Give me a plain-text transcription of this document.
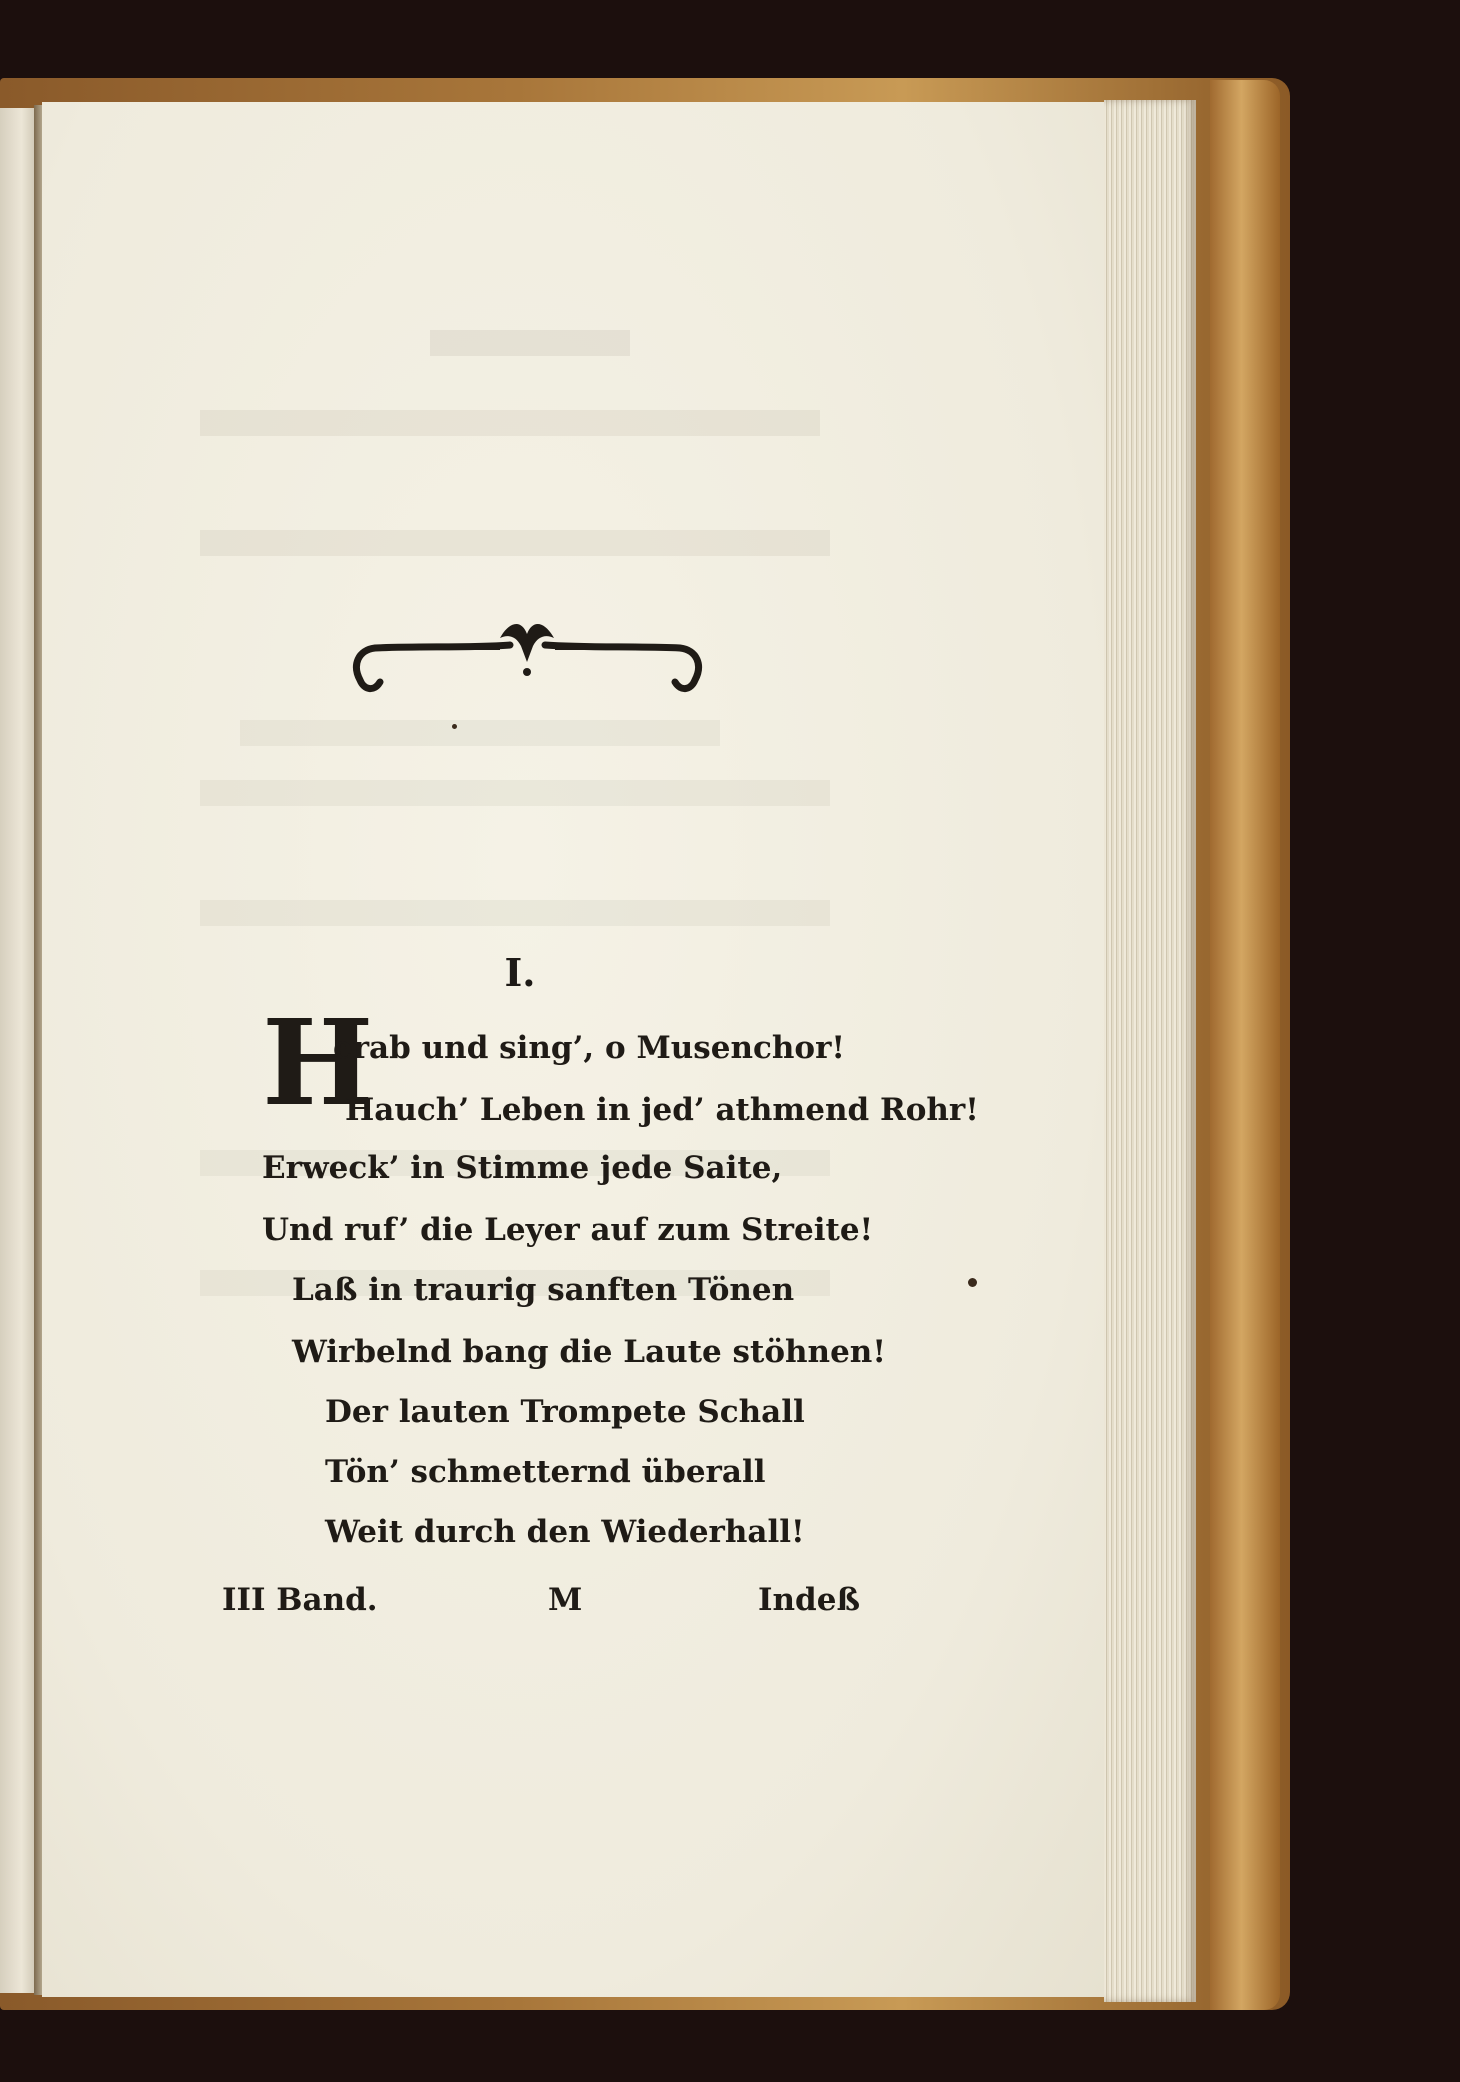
I.
H
erab und sing’, o Musenchor!
Hauch’ Leben in jed’ athmend Rohr!
Erweck’ in Stimme jede Saite,
Und ruf’ die Leyer auf zum Streite!
Laß in traurig sanften Tönen
Wirbelnd bang die Laute stöhnen!
Der lauten Trompete Schall
Tön’ schmetternd überall
Weit durch den Wiederhall!
III Band.	M	Indeß
